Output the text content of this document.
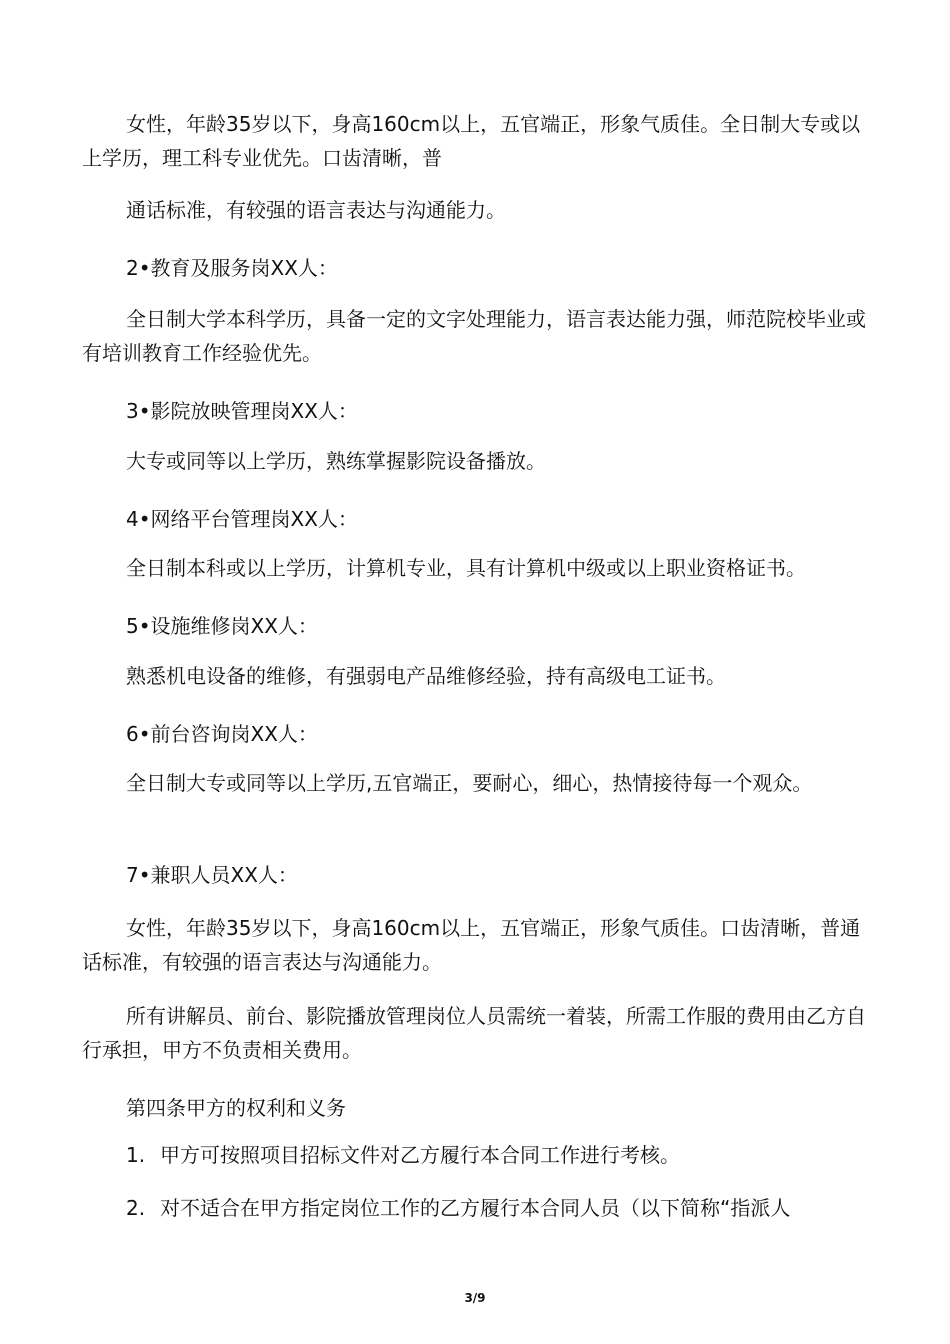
女性，年龄35岁以下，身高160cm以上，五官端正，形象气质佳。全日制大专或以上学历，理工科专业优先。口齿清晰，普

通话标准，有较强的语言表达与沟通能力。

2•教育及服务岗XX人：

全日制大学本科学历，具备一定的文字处理能力，语言表达能力强，师范院校毕业或有培训教育工作经验优先。

3•影院放映管理岗XX人：

大专或同等以上学历，熟练掌握影院设备播放。

4•网络平台管理岗XX人：

全日制本科或以上学历，计算机专业，具有计算机中级或以上职业资格证书。

5•设施维修岗XX人：

熟悉机电设备的维修，有强弱电产品维修经验，持有高级电工证书。

6•前台咨询岗XX人：

全日制大专或同等以上学历,五官端正，要耐心，细心，热情接待每一个观众。

7•兼职人员XX人：

女性，年龄35岁以下，身高160cm以上，五官端正，形象气质佳。口齿清晰，普通话标准，有较强的语言表达与沟通能力。

所有讲解员、前台、影院播放管理岗位人员需统一着装，所需工作服的费用由乙方自行承担，甲方不负责相关费用。

第四条甲方的权利和义务

1. 甲方可按照项目招标文件对乙方履行本合同工作进行考核。

2. 对不适合在甲方指定岗位工作的乙方履行本合同人员（以下简称“指派人

3/9
